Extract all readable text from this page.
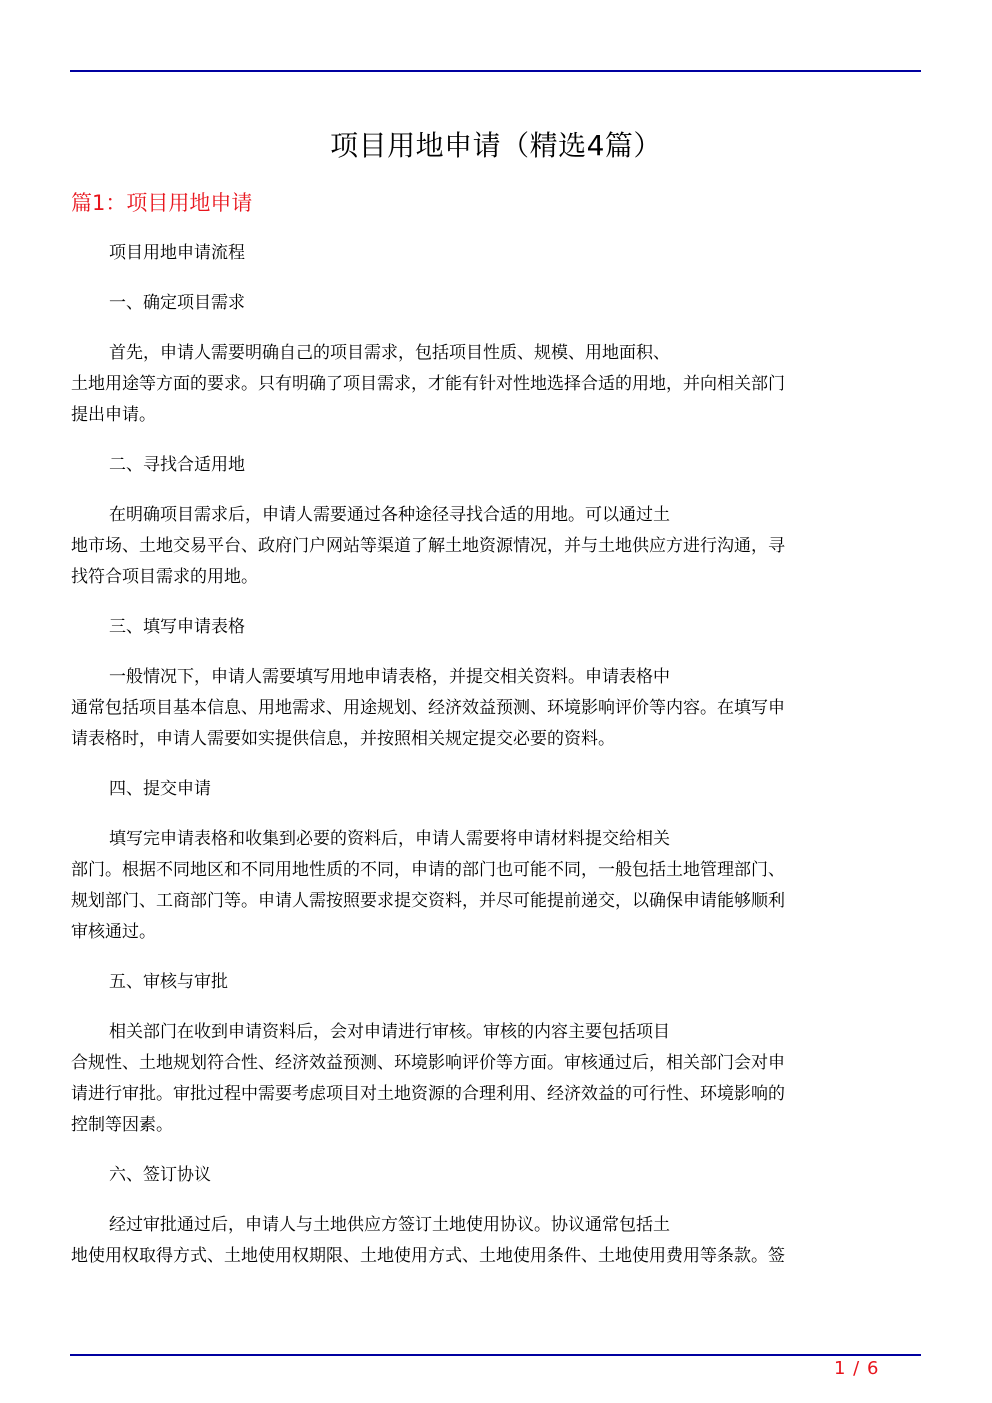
项目用地申请（精选4篇）
篇1：项目用地申请

项目用地申请流程

一、确定项目需求

首先，申请人需要明确自己的项目需求，包括项目性质、规模、用地面积、
土地用途等方面的要求。只有明确了项目需求，才能有针对性地选择合适的用地，并向相关部门
提出申请。

二、寻找合适用地

在明确项目需求后，申请人需要通过各种途径寻找合适的用地。可以通过土
地市场、土地交易平台、政府门户网站等渠道了解土地资源情况，并与土地供应方进行沟通，寻
找符合项目需求的用地。

三、填写申请表格

一般情况下，申请人需要填写用地申请表格，并提交相关资料。申请表格中
通常包括项目基本信息、用地需求、用途规划、经济效益预测、环境影响评价等内容。在填写申
请表格时，申请人需要如实提供信息，并按照相关规定提交必要的资料。

四、提交申请

填写完申请表格和收集到必要的资料后，申请人需要将申请材料提交给相关
部门。根据不同地区和不同用地性质的不同，申请的部门也可能不同，一般包括土地管理部门、
规划部门、工商部门等。申请人需按照要求提交资料，并尽可能提前递交，以确保申请能够顺利
审核通过。

五、审核与审批

相关部门在收到申请资料后，会对申请进行审核。审核的内容主要包括项目
合规性、土地规划符合性、经济效益预测、环境影响评价等方面。审核通过后，相关部门会对申
请进行审批。审批过程中需要考虑项目对土地资源的合理利用、经济效益的可行性、环境影响的
控制等因素。

六、签订协议

经过审批通过后，申请人与土地供应方签订土地使用协议。协议通常包括土
地使用权取得方式、土地使用权期限、土地使用方式、土地使用条件、土地使用费用等条款。签

1 / 6
